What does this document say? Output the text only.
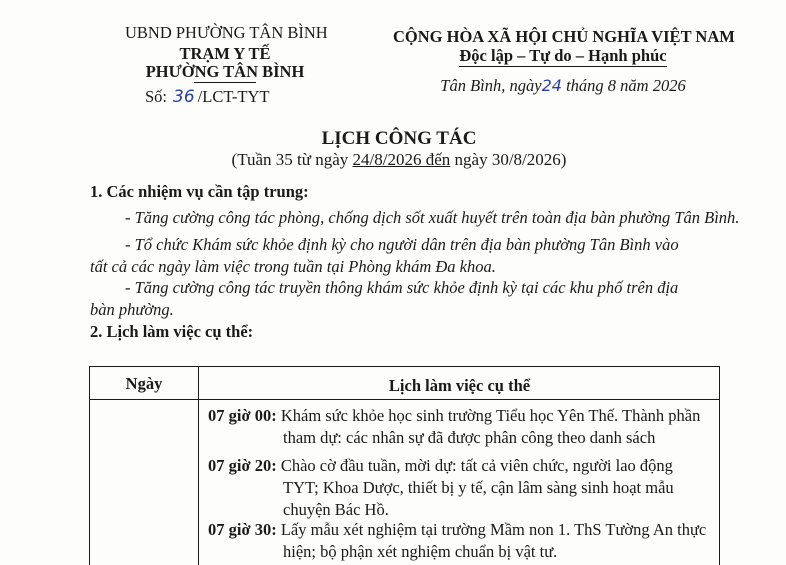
UBND PHƯỜNG TÂN BÌNH
TRẠM Y TẾ
PHƯỜNG TÂN BÌNH
Số: 36 /LCT-TYT
CỘNG HÒA XÃ HỘI CHỦ NGHĨA VIỆT NAM
Độc lập – Tự do – Hạnh phúc
Tân Bình, ngày24 tháng 8 năm 2026
LỊCH CÔNG TÁC
(Tuần 35 từ ngày 24/8/2026 đến ngày 30/8/2026)
1. Các nhiệm vụ cần tập trung:
- Tăng cường công tác phòng, chống dịch sốt xuất huyết trên toàn địa bàn phường Tân Bình.
- Tổ chức Khám sức khỏe định kỳ cho người dân trên địa bàn phường Tân Bình vào
tất cả các ngày làm việc trong tuần tại Phòng khám Đa khoa.
- Tăng cường công tác truyền thông khám sức khỏe định kỳ tại các khu phố trên địa
bàn phường.
2. Lịch làm việc cụ thể:
Ngày	Lịch làm việc cụ thể
07 giờ 00: Khám sức khỏe học sinh trường Tiểu học Yên Thế. Thành phần
tham dự: các nhân sự đã được phân công theo danh sách
07 giờ 20: Chào cờ đầu tuần, mời dự: tất cả viên chức, người lao động
TYT; Khoa Dược, thiết bị y tế, cận lâm sàng sinh hoạt mẫu
chuyện Bác Hồ.
07 giờ 30: Lấy mẫu xét nghiệm tại trường Mầm non 1. ThS Tường An thực
hiện; bộ phận xét nghiệm chuẩn bị vật tư.
